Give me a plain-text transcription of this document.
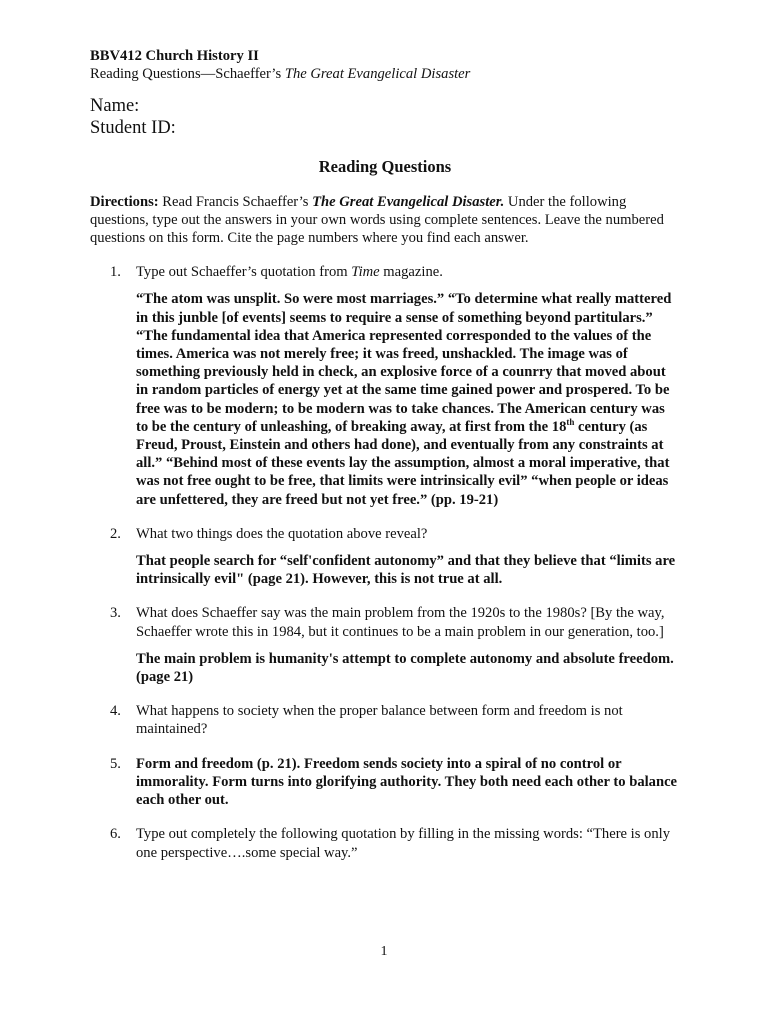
BBV412 Church History II

Reading Questions—Schaeffer’s The Great Evangelical Disaster

Name:
Student ID:
Reading Questions

Directions: Read Francis Schaeffer’s The Great Evangelical Disaster. Under the following questions, type out the answers in your own words using complete sentences. Leave the numbered questions on this form. Cite the page numbers where you find each answer.

1.	Type out Schaeffer’s quotation from Time magazine.

“The atom was unsplit. So were most marriages.” “To determine what really mattered in this junble [of events] seems to require a sense of something beyond partitulars.” “The fundamental idea that America represented corresponded to the values of the times. America was not merely free; it was freed, unshackled. The image was of something previously held in check, an explosive force of a counrry that moved about in random particles of energy yet at the same time gained power and prospered. To be free was to be modern; to be modern was to take chances. The American century was to be the century of unleashing, of breaking away, at first from the 18th century (as Freud, Proust, Einstein and others had done), and eventually from any constraints at all.” “Behind most of these events lay the assumption, almost a moral imperative, that was not free ought to be free, that limits were intrinsically evil” “when people or ideas are unfettered, they are freed but not yet free.” (pp. 19-21)

2.	What two things does the quotation above reveal?

That people search for “self'confident autonomy” and that they believe that “limits are intrinsically evil" (page 21). However, this is not true at all.

3.	What does Schaeffer say was the main problem from the 1920s to the 1980s? [By the way, Schaeffer wrote this in 1984, but it continues to be a main problem in our generation, too.]

The main problem is humanity's attempt to complete autonomy and absolute freedom. (page 21)

4.	What happens to society when the proper balance between form and freedom is not maintained?
5.	Form and freedom (p. 21). Freedom sends society into a spiral of no control or immorality. Form turns into glorifying authority. They both need each other to balance each other out.
6.	Type out completely the following quotation by filling in the missing words: “There is only one perspective….some special way.”
1
